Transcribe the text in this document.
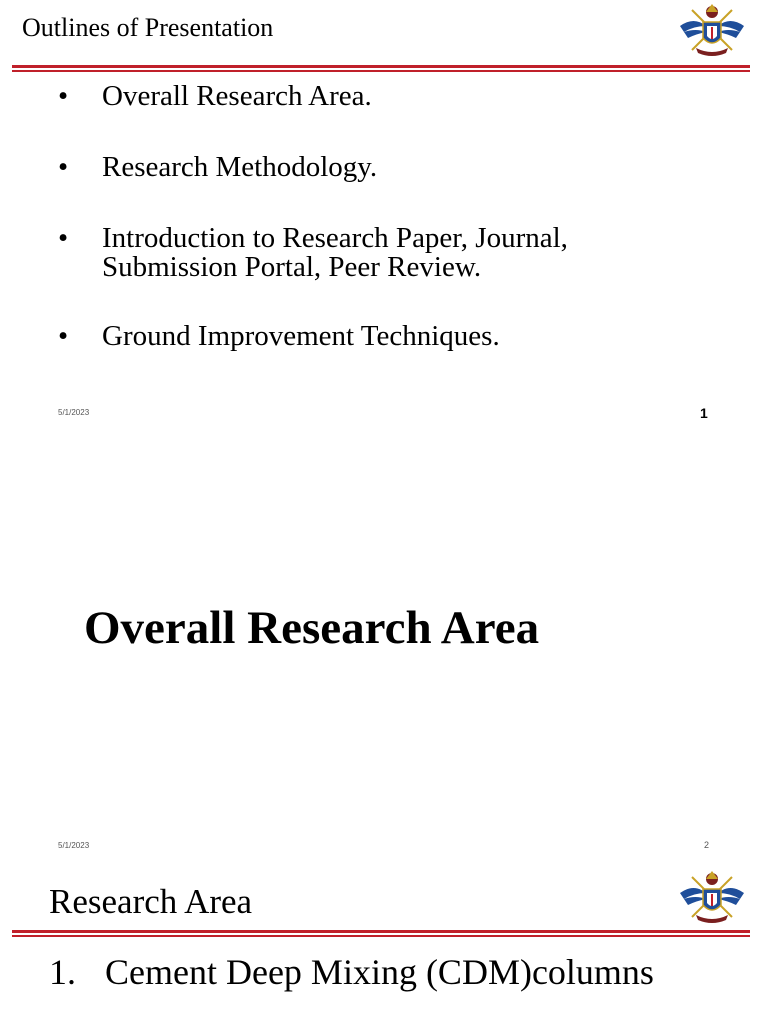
Outlines of Presentation
•	Overall Research Area.
•	Research Methodology.
•	Introduction to Research Paper, Journal, Submission Portal, Peer Review.
•	Ground Improvement Techniques.
5/1/2023	1
Overall Research Area
5/1/2023	2
Research Area
1. Cement Deep Mixing (CDM)columns
